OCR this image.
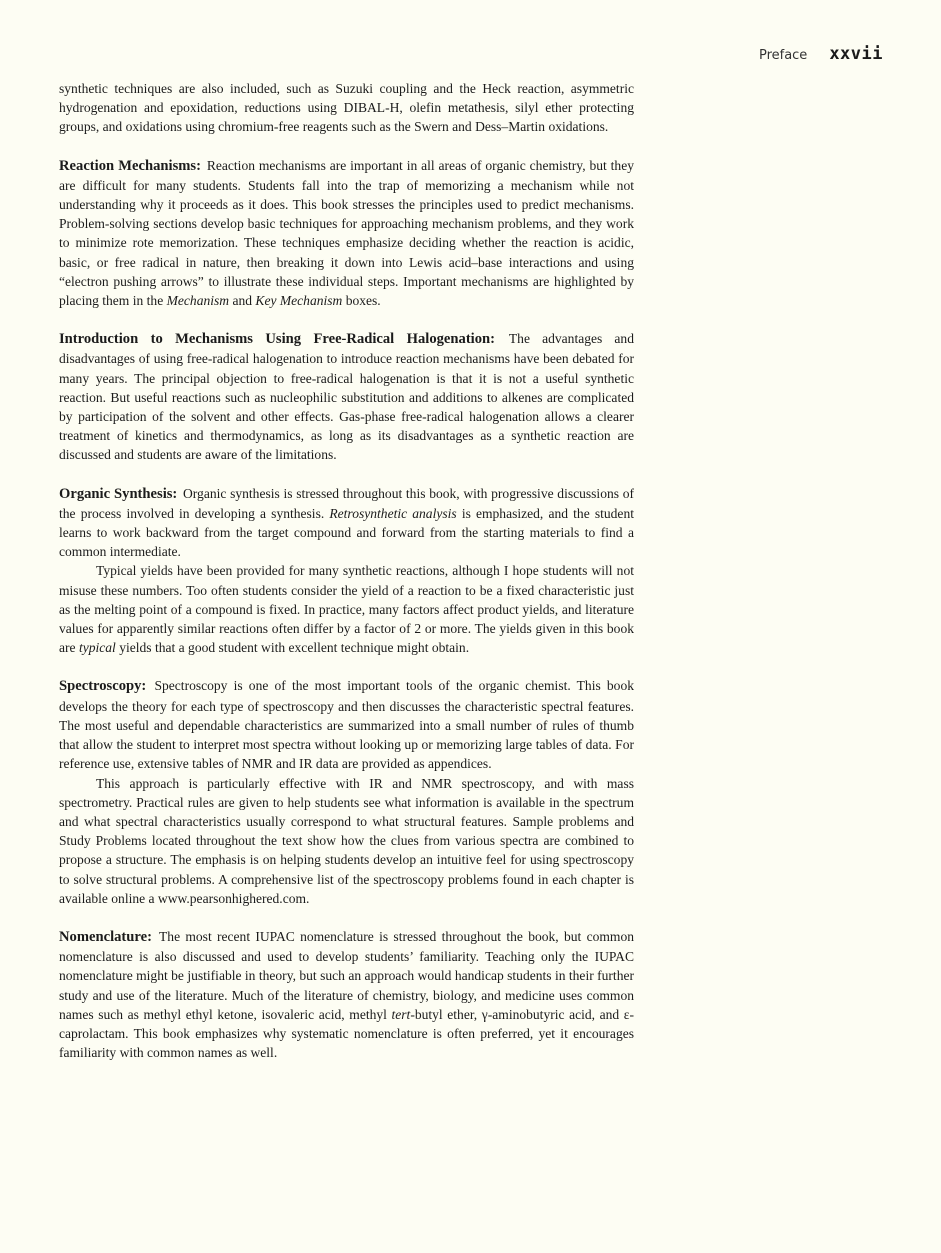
Preface xxvii

synthetic techniques are also included, such as Suzuki coupling and the Heck reaction, asymmetric hydrogenation and epoxidation, reductions using DIBAL-H, olefin metathesis, silyl ether protecting groups, and oxidations using chromium-free reagents such as the Swern and Dess–Martin oxidations.

Reaction Mechanisms: Reaction mechanisms are important in all areas of organic chemistry, but they are difficult for many students. Students fall into the trap of memorizing a mechanism while not understanding why it proceeds as it does. This book stresses the principles used to predict mechanisms. Problem-solving sections develop basic techniques for approaching mechanism problems, and they work to minimize rote memorization. These techniques emphasize deciding whether the reaction is acidic, basic, or free radical in nature, then breaking it down into Lewis acid–base interactions and using “electron pushing arrows” to illustrate these individual steps. Important mechanisms are highlighted by placing them in the Mechanism and Key Mechanism boxes.

Introduction to Mechanisms Using Free-Radical Halogenation: The advantages and disadvantages of using free-radical halogenation to introduce reaction mechanisms have been debated for many years. The principal objection to free-radical halogenation is that it is not a useful synthetic reaction. But useful reactions such as nucleophilic substitution and additions to alkenes are complicated by participation of the solvent and other effects. Gas-phase free-radical halogenation allows a clearer treatment of kinetics and thermodynamics, as long as its disadvantages as a synthetic reaction are discussed and students are aware of the limitations.

Organic Synthesis: Organic synthesis is stressed throughout this book, with progressive discussions of the process involved in developing a synthesis. Retrosynthetic analysis is emphasized, and the student learns to work backward from the target compound and forward from the starting materials to find a common intermediate.

Typical yields have been provided for many synthetic reactions, although I hope students will not misuse these numbers. Too often students consider the yield of a reaction to be a fixed characteristic just as the melting point of a compound is fixed. In practice, many factors affect product yields, and literature values for apparently similar reactions often differ by a factor of 2 or more. The yields given in this book are typical yields that a good student with excellent technique might obtain.

Spectroscopy: Spectroscopy is one of the most important tools of the organic chemist. This book develops the theory for each type of spectroscopy and then discusses the characteristic spectral features. The most useful and dependable characteristics are summarized into a small number of rules of thumb that allow the student to interpret most spectra without looking up or memorizing large tables of data. For reference use, extensive tables of NMR and IR data are provided as appendices.

This approach is particularly effective with IR and NMR spectroscopy, and with mass spectrometry. Practical rules are given to help students see what information is available in the spectrum and what spectral characteristics usually correspond to what structural features. Sample problems and Study Problems located throughout the text show how the clues from various spectra are combined to propose a structure. The emphasis is on helping students develop an intuitive feel for using spectroscopy to solve structural problems. A comprehensive list of the spectroscopy problems found in each chapter is available online a www.pearsonhighered.com.

Nomenclature: The most recent IUPAC nomenclature is stressed throughout the book, but common nomenclature is also discussed and used to develop students’ familiarity. Teaching only the IUPAC nomenclature might be justifiable in theory, but such an approach would handicap students in their further study and use of the literature. Much of the literature of chemistry, biology, and medicine uses common names such as methyl ethyl ketone, isovaleric acid, methyl tert-butyl ether, γ-aminobutyric acid, and ε-caprolactam. This book emphasizes why systematic nomenclature is often preferred, yet it encourages familiarity with common names as well.
